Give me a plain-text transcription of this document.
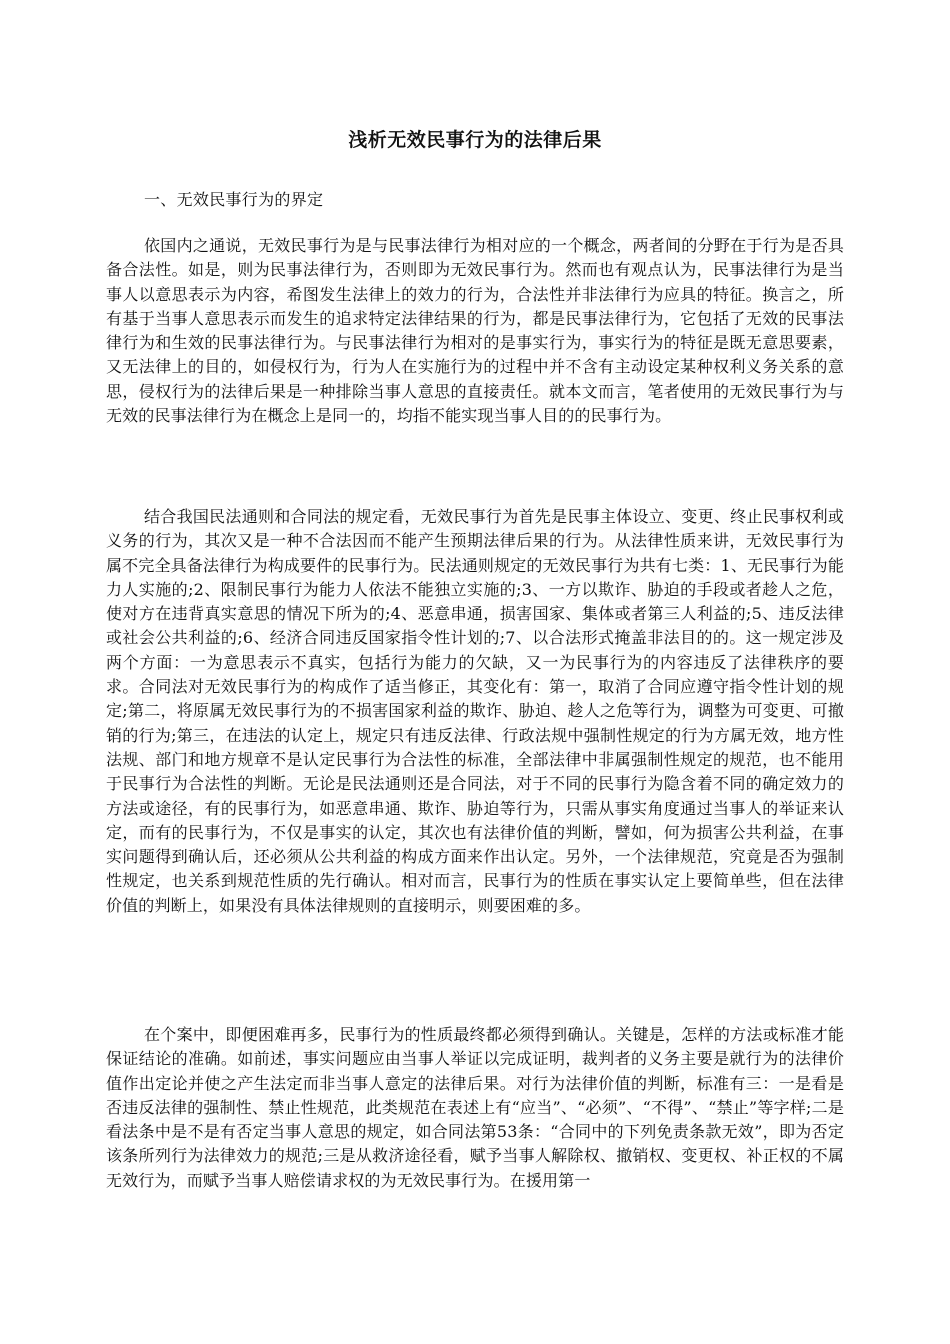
浅析无效民事行为的法律后果
一、无效民事行为的界定

依国内之通说，无效民事行为是与民事法律行为相对应的一个概念，两者间的分野在于行为是否具备合法性。如是，则为民事法律行为，否则即为无效民事行为。然而也有观点认为，民事法律行为是当事人以意思表示为内容，希图发生法律上的效力的行为，合法性并非法律行为应具的特征。换言之，所有基于当事人意思表示而发生的追求特定法律结果的行为，都是民事法律行为，它包括了无效的民事法律行为和生效的民事法律行为。与民事法律行为相对的是事实行为，事实行为的特征是既无意思要素，又无法律上的目的，如侵权行为，行为人在实施行为的过程中并不含有主动设定某种权利义务关系的意思，侵权行为的法律后果是一种排除当事人意思的直接责任。就本文而言，笔者使用的无效民事行为与无效的民事法律行为在概念上是同一的，均指不能实现当事人目的的民事行为。

结合我国民法通则和合同法的规定看，无效民事行为首先是民事主体设立、变更、终止民事权利或义务的行为，其次又是一种不合法因而不能产生预期法律后果的行为。从法律性质来讲，无效民事行为属不完全具备法律行为构成要件的民事行为。民法通则规定的无效民事行为共有七类：1、无民事行为能力人实施的;2、限制民事行为能力人依法不能独立实施的;3、一方以欺诈、胁迫的手段或者趁人之危，使对方在违背真实意思的情况下所为的;4、恶意串通，损害国家、集体或者第三人利益的;5、违反法律或社会公共利益的;6、经济合同违反国家指令性计划的;7、以合法形式掩盖非法目的的。这一规定涉及两个方面：一为意思表示不真实，包括行为能力的欠缺，又一为民事行为的内容违反了法律秩序的要求。合同法对无效民事行为的构成作了适当修正，其变化有：第一，取消了合同应遵守指令性计划的规定;第二，将原属无效民事行为的不损害国家利益的欺诈、胁迫、趁人之危等行为，调整为可变更、可撤销的行为;第三，在违法的认定上，规定只有违反法律、行政法规中强制性规定的行为方属无效，地方性法规、部门和地方规章不是认定民事行为合法性的标准，全部法律中非属强制性规定的规范，也不能用于民事行为合法性的判断。无论是民法通则还是合同法，对于不同的民事行为隐含着不同的确定效力的方法或途径，有的民事行为，如恶意串通、欺诈、胁迫等行为，只需从事实角度通过当事人的举证来认定，而有的民事行为，不仅是事实的认定，其次也有法律价值的判断，譬如，何为损害公共利益，在事实问题得到确认后，还必须从公共利益的构成方面来作出认定。另外，一个法律规范，究竟是否为强制性规定，也关系到规范性质的先行确认。相对而言，民事行为的性质在事实认定上要简单些，但在法律价值的判断上，如果没有具体法律规则的直接明示，则要困难的多。

在个案中，即便困难再多，民事行为的性质最终都必须得到确认。关键是，怎样的方法或标准才能保证结论的准确。如前述，事实问题应由当事人举证以完成证明，裁判者的义务主要是就行为的法律价值作出定论并使之产生法定而非当事人意定的法律后果。对行为法律价值的判断，标准有三：一是看是否违反法律的强制性、禁止性规范，此类规范在表述上有“应当”、“必须”、“不得”、“禁止”等字样;二是看法条中是不是有否定当事人意思的规定，如合同法第53条：“合同中的下列免责条款无效”，即为否定该条所列行为法律效力的规范;三是从救济途径看，赋予当事人解除权、撤销权、变更权、补正权的不属无效行为，而赋予当事人赔偿请求权的为无效民事行为。在援用第一
